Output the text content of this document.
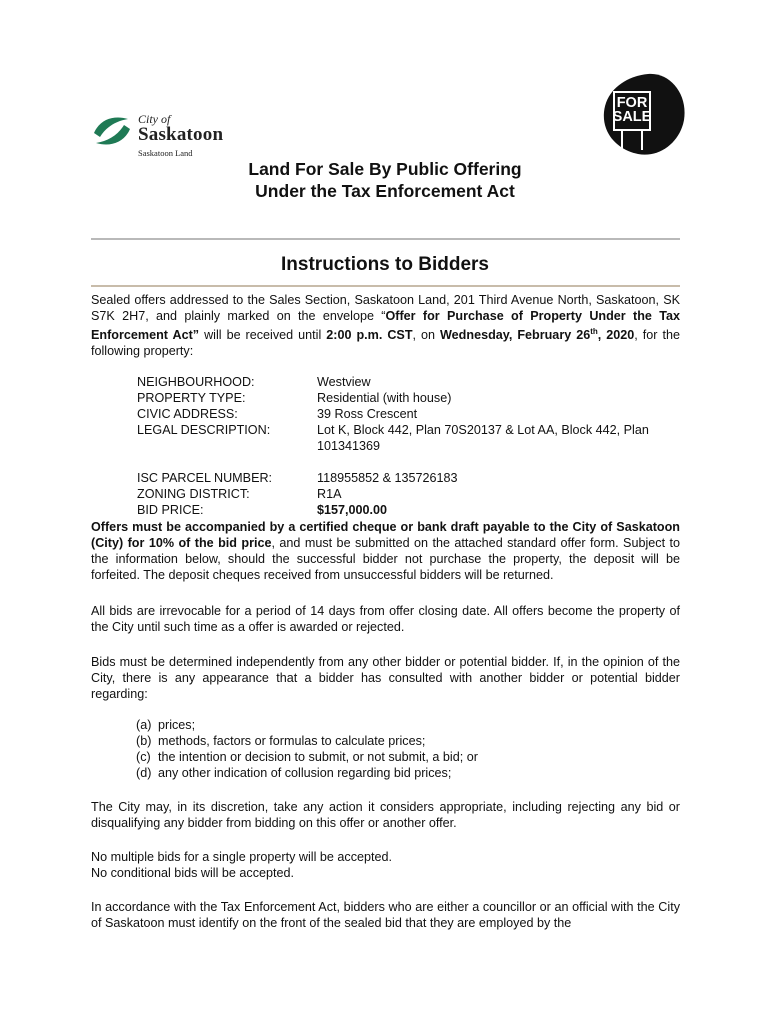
City of
Saskatoon
Saskatoon Land
FOR
SALE
Land For Sale By Public Offering
Under the Tax Enforcement Act
Instructions to Bidders
Sealed offers addressed to the Sales Section, Saskatoon Land, 201 Third Avenue North, Saskatoon, SK S7K 2H7, and plainly marked on the envelope “Offer for Purchase of Property Under the Tax Enforcement Act” will be received until 2:00 p.m. CST, on Wednesday, February 26th, 2020, for the following property:
NEIGHBOURHOOD:	Westview
PROPERTY TYPE:	Residential (with house)
CIVIC ADDRESS:	39 Ross Crescent
LEGAL DESCRIPTION:	Lot K, Block 442, Plan 70S20137 & Lot AA, Block 442, Plan 101341369
ISC PARCEL NUMBER:	118955852 & 135726183
ZONING DISTRICT:	R1A
BID PRICE:	$157,000.00
Offers must be accompanied by a certified cheque or bank draft payable to the City of Saskatoon (City) for 10% of the bid price, and must be submitted on the attached standard offer form. Subject to the information below, should the successful bidder not purchase the property, the deposit will be forfeited. The deposit cheques received from unsuccessful bidders will be returned.
All bids are irrevocable for a period of 14 days from offer closing date. All offers become the property of the City until such time as a offer is awarded or rejected.
Bids must be determined independently from any other bidder or potential bidder. If, in the opinion of the City, there is any appearance that a bidder has consulted with another bidder or potential bidder regarding:
(a) prices;
(b) methods, factors or formulas to calculate prices;
(c) the intention or decision to submit, or not submit, a bid; or
(d) any other indication of collusion regarding bid prices;
The City may, in its discretion, take any action it considers appropriate, including rejecting any bid or disqualifying any bidder from bidding on this offer or another offer.
No multiple bids for a single property will be accepted.
No conditional bids will be accepted.
In accordance with the Tax Enforcement Act, bidders who are either a councillor or an official with the City of Saskatoon must identify on the front of the sealed bid that they are employed by the
